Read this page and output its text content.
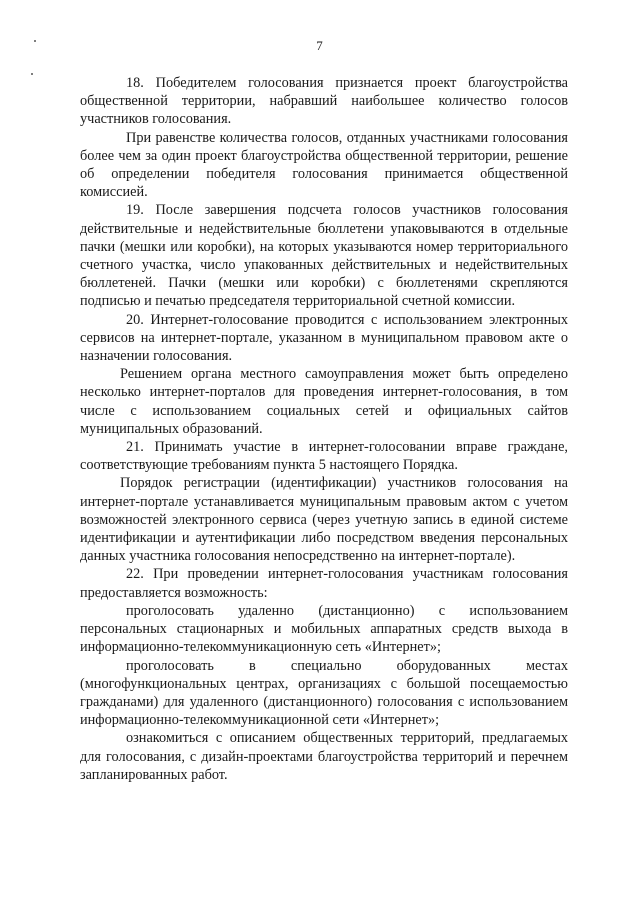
7

18. Победителем голосования признается проект благоустройства общественной территории, набравший наибольшее количество голосов участников голосования.

При равенстве количества голосов, отданных участниками голосования более чем за один проект благоустройства общественной территории, решение об определении победителя голосования принимается общественной комиссией.

19. После завершения подсчета голосов участников голосования действительные и недействительные бюллетени упаковываются в отдельные пачки (мешки или коробки), на которых указываются номер территориального счетного участка, число упакованных действительных и недействительных бюллетеней. Пачки (мешки или коробки) с бюллетенями скрепляются подписью и печатью председателя территориальной счетной комиссии.

20. Интернет-голосование проводится с использованием электронных сервисов на интернет-портале, указанном в муниципальном правовом акте о назначении голосования.

Решением органа местного самоуправления может быть определено несколько интернет-порталов для проведения интернет-голосования, в том числе с использованием социальных сетей и официальных сайтов муниципальных образований.

21. Принимать участие в интернет-голосовании вправе граждане, соответствующие требованиям пункта 5 настоящего Порядка.

Порядок регистрации (идентификации) участников голосования на интернет-портале устанавливается муниципальным правовым актом с учетом возможностей электронного сервиса (через учетную запись в единой системе идентификации и аутентификации либо посредством введения персональных данных участника голосования непосредственно на интернет-портале).

22. При проведении интернет-голосования участникам голосования предоставляется возможность:

проголосовать удаленно (дистанционно) с использованием персональных стационарных и мобильных аппаратных средств выхода в информационно-телекоммуникационную сеть «Интернет»;

проголосовать в специально оборудованных местах (многофункциональных центрах, организациях с большой посещаемостью гражданами) для удаленного (дистанционного) голосования с использованием информационно-телекоммуникационной сети «Интернет»;

ознакомиться с описанием общественных территорий, предлагаемых для голосования, с дизайн-проектами благоустройства территорий и перечнем запланированных работ.
